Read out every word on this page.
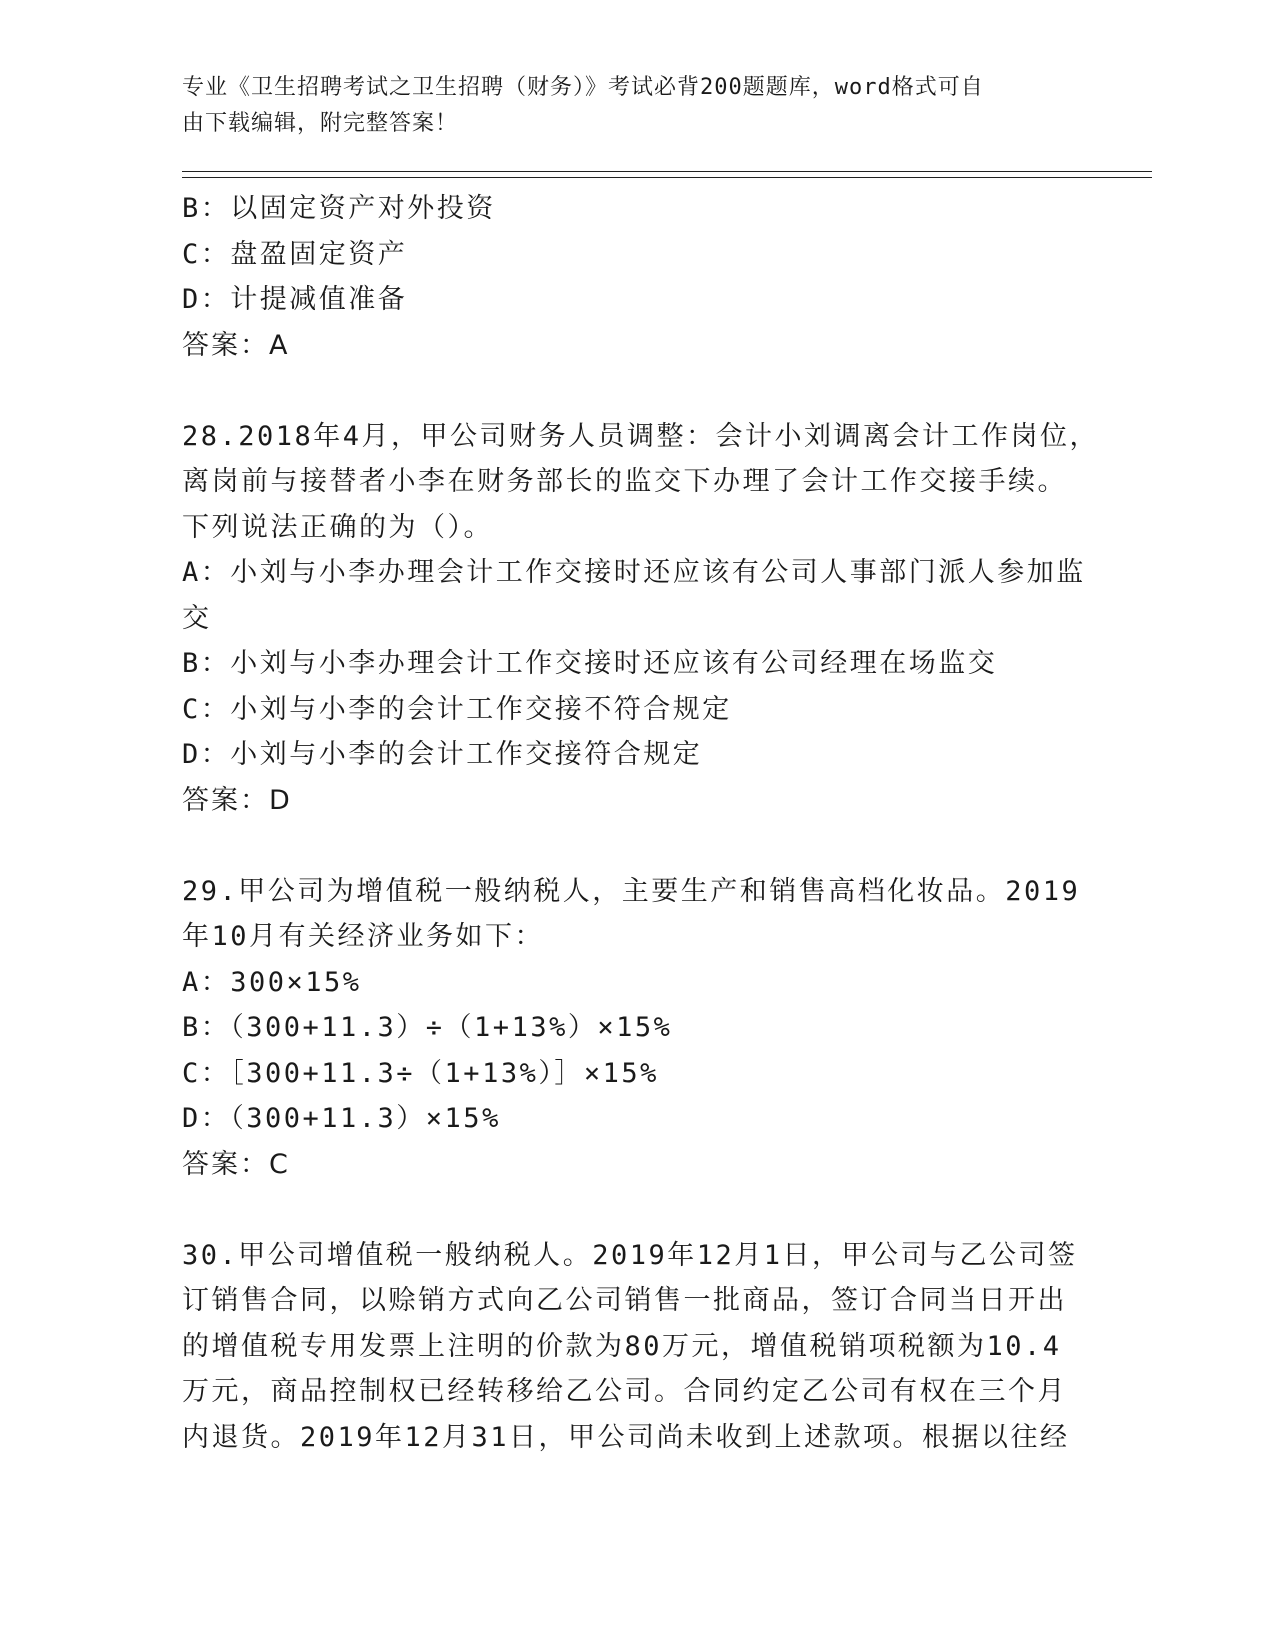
专业《卫生招聘考试之卫生招聘（财务）》考试必背200题题库，word格式可自
由下载编辑，附完整答案！
B：以固定资产对外投资
C：盘盈固定资产
D：计提减值准备
答案：A
28.2018年4月，甲公司财务人员调整：会计小刘调离会计工作岗位，
离岗前与接替者小李在财务部长的监交下办理了会计工作交接手续。
下列说法正确的为（）。
A：小刘与小李办理会计工作交接时还应该有公司人事部门派人参加监
交
B：小刘与小李办理会计工作交接时还应该有公司经理在场监交
C：小刘与小李的会计工作交接不符合规定
D：小刘与小李的会计工作交接符合规定
答案：D
29.甲公司为增值税一般纳税人，主要生产和销售高档化妆品。2019
年10月有关经济业务如下：
A：300×15%
B：（300+11.3）÷（1+13%）×15%
C：［300+11.3÷（1+13%）］×15%
D：（300+11.3）×15%
答案：C
30.甲公司增值税一般纳税人。2019年12月1日，甲公司与乙公司签
订销售合同，以赊销方式向乙公司销售一批商品，签订合同当日开出
的增值税专用发票上注明的价款为80万元，增值税销项税额为10.4
万元，商品控制权已经转移给乙公司。合同约定乙公司有权在三个月
内退货。2019年12月31日，甲公司尚未收到上述款项。根据以往经
